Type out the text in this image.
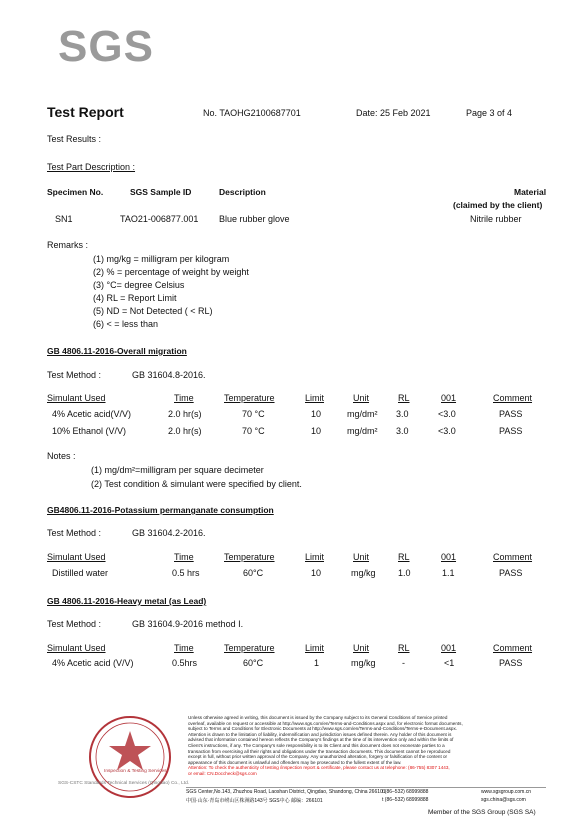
SGS
Test Report	No. TAOHG2100687701	Date: 25 Feb 2021	Page 3 of 4
Test Results :
Test Part Description :
Specimen No.	SGS Sample ID	Description	Material
(claimed by the client)
SN1	TAO21-006877.001 Blue rubber glove	Nitrile rubber
Remarks :
(1) mg/kg = milligram per kilogram
(2) % = percentage of weight by weight
(3) °C= degree Celsius
(4) RL = Report Limit
(5) ND = Not Detected ( < RL)
(6) < = less than
GB 4806.11-2016-Overall migration
Test Method :	GB 31604.8-2016.
Simulant Used	Time	Temperature	Limit	Unit	RL	001	Comment
4% Acetic acid(V/V)	2.0 hr(s)	70 °C	10	mg/dm² 3.0	<3.0	PASS
10% Ethanol (V/V)	2.0 hr(s)	70 °C	10	mg/dm² 3.0	<3.0	PASS
Notes :
(1) mg/dm²=milligram per square decimeter
(2) Test condition & simulant were specified by client.
GB4806.11-2016-Potassium permanganate consumption
Test Method :	GB 31604.2-2016.
Simulant Used	Time	Temperature	Limit	Unit	RL	001	Comment
Distilled water	0.5 hrs	60°C	10	mg/kg 1.0	1.1	PASS
GB 4806.11-2016-Heavy metal (as Lead)
Test Method :	GB 31604.9-2016 method I.
Simulant Used	Time	Temperature	Limit	Unit	RL	001	Comment
4% Acetic acid (V/V)	0.5hrs	60°C	1	mg/kg	-	<1	PASS
Inspection & Testing Services
SGS-CSTC Standards Technical Services (Qingdao) Co., Ltd.
Unless otherwise agreed in writing, this document is issued by the Company subject to its General Conditions of Service printed
overleaf, available on request or accessible at http://www.sgs.com/en/Terms-and-Conditions.aspx and, for electronic format documents,
subject to Terms and Conditions for Electronic Documents at http://www.sgs.com/en/Terms-and-Conditions/Terms-e-Document.aspx.
Attention is drawn to the limitation of liability, indemnification and jurisdiction issues defined therein. Any holder of this document is
advised that information contained hereon reflects the Company's findings at the time of its intervention only and within the limits of
Client's instructions, if any. The Company's sole responsibility is to its Client and this document does not exonerate parties to a
transaction from exercising all their rights and obligations under the transaction documents. This document cannot be reproduced
except in full, without prior written approval of the Company. Any unauthorized alteration, forgery or falsification of the content or
appearance of this document is unlawful and offenders may be prosecuted to the fullest extent of the law.
Attention: To check the authenticity of testing /inspection report & certificate, please contact us at telephone: (86-755) 8307 1443,
or email: CN.Doccheck@sgs.com
SGS Center,No.143, Zhuzhou Road, Laoshan District, Qingdao, Shandong, China 266101
t (86–532) 68999888	www.sgsgroup.com.cn
中国·山东·青岛市崂山区株洲路143号 SGS中心 邮编：266101	t (86–532) 68999888	sgs.china@sgs.com
Member of the SGS Group (SGS SA)
